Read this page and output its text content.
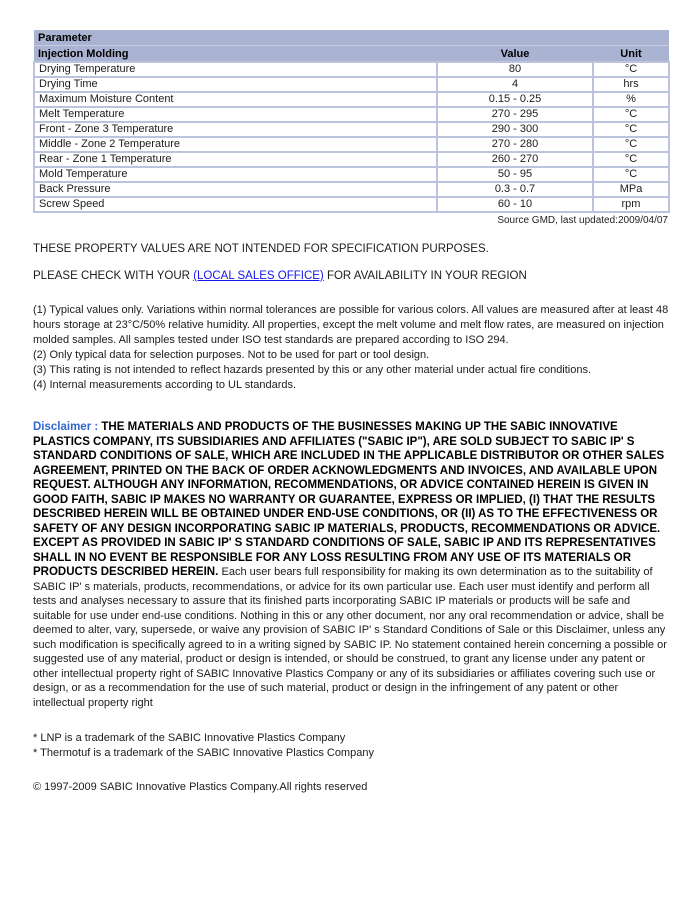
Parameter		
Injection Molding	Value	Unit
Drying Temperature	80	°C
Drying Time	4	hrs
Maximum Moisture Content	0.15 - 0.25	%
Melt Temperature	270 - 295	°C
Front - Zone 3 Temperature	290 - 300	°C
Middle - Zone 2 Temperature	270 - 280	°C
Rear - Zone 1 Temperature	260 - 270	°C
Mold Temperature	50 - 95	°C
Back Pressure	0.3 - 0.7	MPa
Screw Speed	60 - 10	rpm
Source GMD, last updated:2009/04/07

THESE PROPERTY VALUES ARE NOT INTENDED FOR SPECIFICATION PURPOSES.

PLEASE CHECK WITH YOUR (LOCAL SALES OFFICE) FOR AVAILABILITY IN YOUR REGION

(1) Typical values only. Variations within normal tolerances are possible for various colors. All values are measured after at least 48 hours storage at 23°C/50% relative humidity. All properties, except the melt volume and melt flow rates, are measured on injection molded samples. All samples tested under ISO test standards are prepared according to ISO 294.

(2) Only typical data for selection purposes. Not to be used for part or tool design.

(3) This rating is not intended to reflect hazards presented by this or any other material under actual fire conditions.

(4) Internal measurements according to UL standards.

Disclaimer : THE MATERIALS AND PRODUCTS OF THE BUSINESSES MAKING UP THE SABIC INNOVATIVE PLASTICS COMPANY, ITS SUBSIDIARIES AND AFFILIATES ("SABIC IP"), ARE SOLD SUBJECT TO SABIC IP' S STANDARD CONDITIONS OF SALE, WHICH ARE INCLUDED IN THE APPLICABLE DISTRIBUTOR OR OTHER SALES AGREEMENT, PRINTED ON THE BACK OF ORDER ACKNOWLEDGMENTS AND INVOICES, AND AVAILABLE UPON REQUEST. ALTHOUGH ANY INFORMATION, RECOMMENDATIONS, OR ADVICE CONTAINED HEREIN IS GIVEN IN GOOD FAITH, SABIC IP MAKES NO WARRANTY OR GUARANTEE, EXPRESS OR IMPLIED, (I) THAT THE RESULTS DESCRIBED HEREIN WILL BE OBTAINED UNDER END-USE CONDITIONS, OR (II) AS TO THE EFFECTIVENESS OR SAFETY OF ANY DESIGN INCORPORATING SABIC IP MATERIALS, PRODUCTS, RECOMMENDATIONS OR ADVICE. EXCEPT AS PROVIDED IN SABIC IP' S STANDARD CONDITIONS OF SALE, SABIC IP AND ITS REPRESENTATIVES SHALL IN NO EVENT BE RESPONSIBLE FOR ANY LOSS RESULTING FROM ANY USE OF ITS MATERIALS OR PRODUCTS DESCRIBED HEREIN. Each user bears full responsibility for making its own determination as to the suitability of SABIC IP' s materials, products, recommendations, or advice for its own particular use. Each user must identify and perform all tests and analyses necessary to assure that its finished parts incorporating SABIC IP materials or products will be safe and suitable for use under end-use conditions. Nothing in this or any other document, nor any oral recommendation or advice, shall be deemed to alter, vary, supersede, or waive any provision of SABIC IP' s Standard Conditions of Sale or this Disclaimer, unless any such modification is specifically agreed to in a writing signed by SABIC IP. No statement contained herein concerning a possible or suggested use of any material, product or design is intended, or should be construed, to grant any license under any patent or other intellectual property right of SABIC Innovative Plastics Company or any of its subsidiaries or affiliates covering such use or design, or as a recommendation for the use of such material, product or design in the infringement of any patent or other intellectual property right

* LNP is a trademark of the SABIC Innovative Plastics Company

* Thermotuf is a trademark of the SABIC Innovative Plastics Company

© 1997-2009 SABIC Innovative Plastics Company.All rights reserved
